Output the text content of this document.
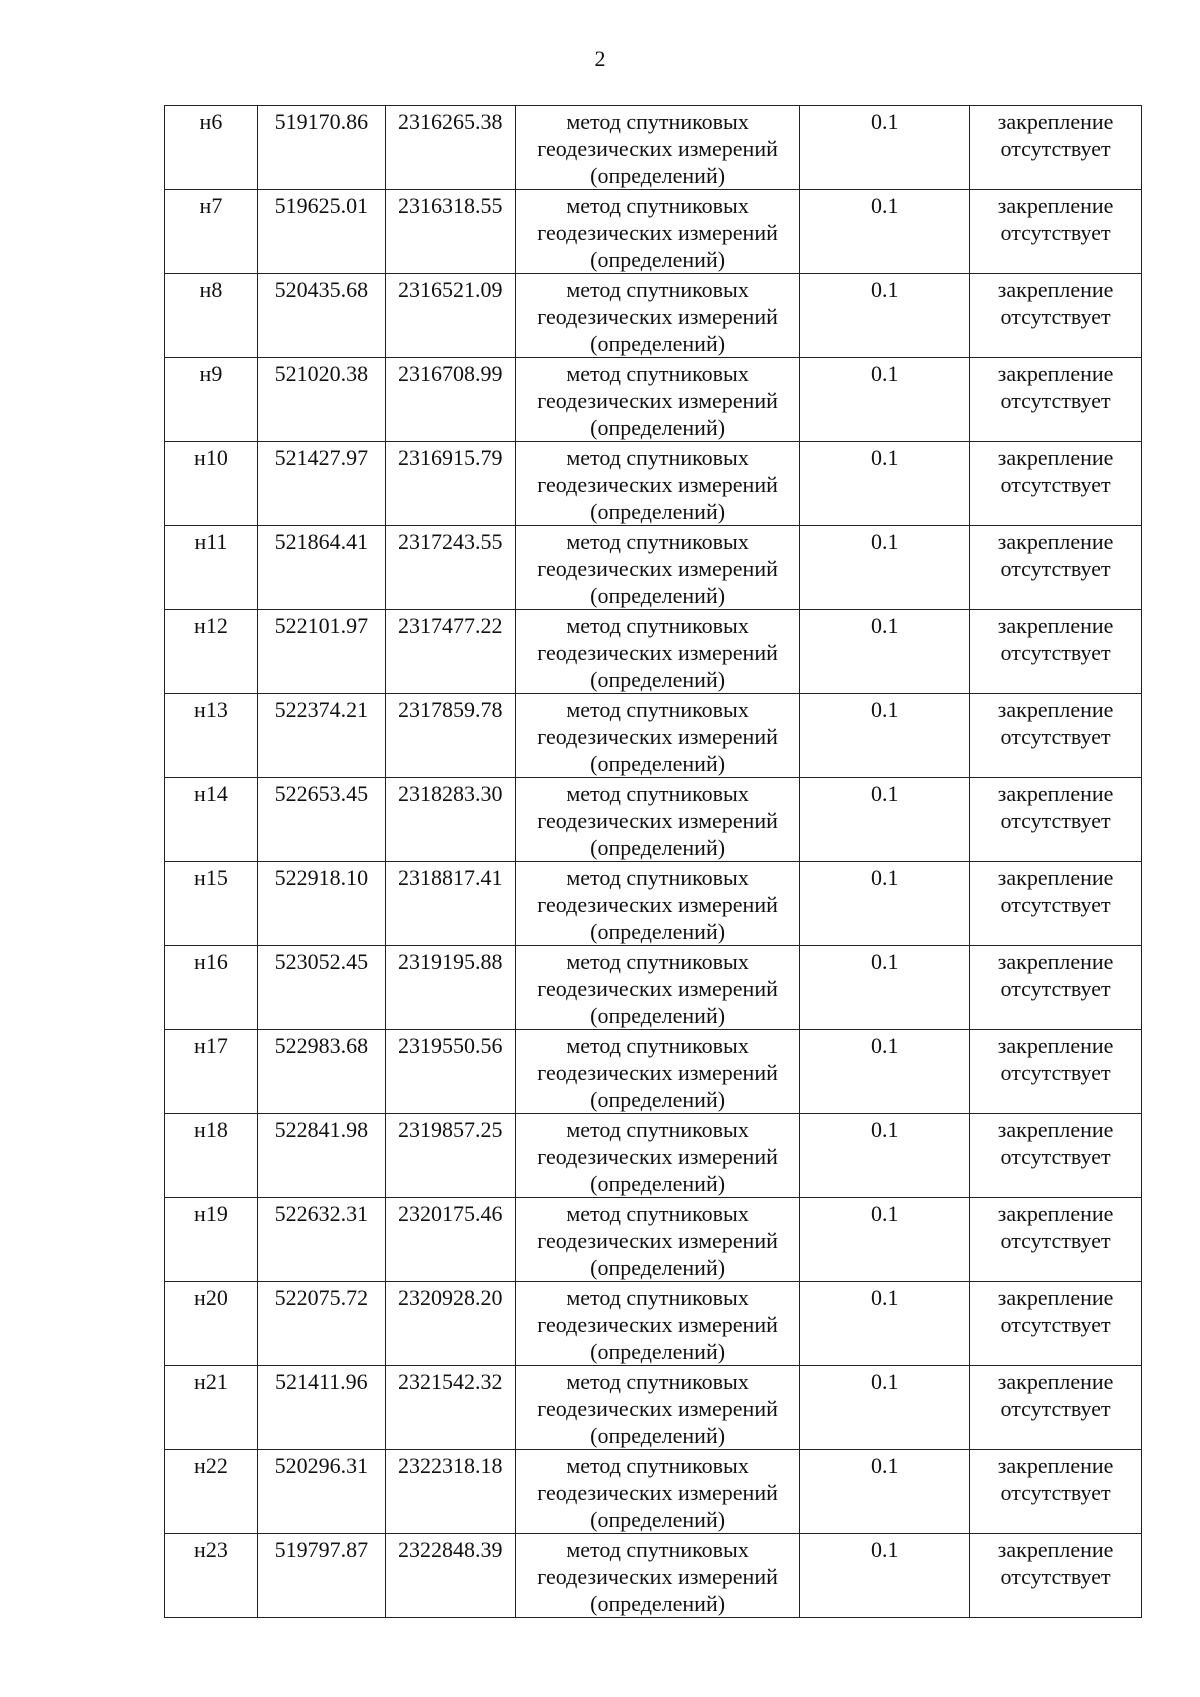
2
н6	519170.86	2316265.38	метод спутниковых геодезических измерений (определений)	0.1	закрепление отсутствует
н7	519625.01	2316318.55	метод спутниковых геодезических измерений (определений)	0.1	закрепление отсутствует
н8	520435.68	2316521.09	метод спутниковых геодезических измерений (определений)	0.1	закрепление отсутствует
н9	521020.38	2316708.99	метод спутниковых геодезических измерений (определений)	0.1	закрепление отсутствует
н10	521427.97	2316915.79	метод спутниковых геодезических измерений (определений)	0.1	закрепление отсутствует
н11	521864.41	2317243.55	метод спутниковых геодезических измерений (определений)	0.1	закрепление отсутствует
н12	522101.97	2317477.22	метод спутниковых геодезических измерений (определений)	0.1	закрепление отсутствует
н13	522374.21	2317859.78	метод спутниковых геодезических измерений (определений)	0.1	закрепление отсутствует
н14	522653.45	2318283.30	метод спутниковых геодезических измерений (определений)	0.1	закрепление отсутствует
н15	522918.10	2318817.41	метод спутниковых геодезических измерений (определений)	0.1	закрепление отсутствует
н16	523052.45	2319195.88	метод спутниковых геодезических измерений (определений)	0.1	закрепление отсутствует
н17	522983.68	2319550.56	метод спутниковых геодезических измерений (определений)	0.1	закрепление отсутствует
н18	522841.98	2319857.25	метод спутниковых геодезических измерений (определений)	0.1	закрепление отсутствует
н19	522632.31	2320175.46	метод спутниковых геодезических измерений (определений)	0.1	закрепление отсутствует
н20	522075.72	2320928.20	метод спутниковых геодезических измерений (определений)	0.1	закрепление отсутствует
н21	521411.96	2321542.32	метод спутниковых геодезических измерений (определений)	0.1	закрепление отсутствует
н22	520296.31	2322318.18	метод спутниковых геодезических измерений (определений)	0.1	закрепление отсутствует
н23	519797.87	2322848.39	метод спутниковых геодезических измерений (определений)	0.1	закрепление отсутствует
